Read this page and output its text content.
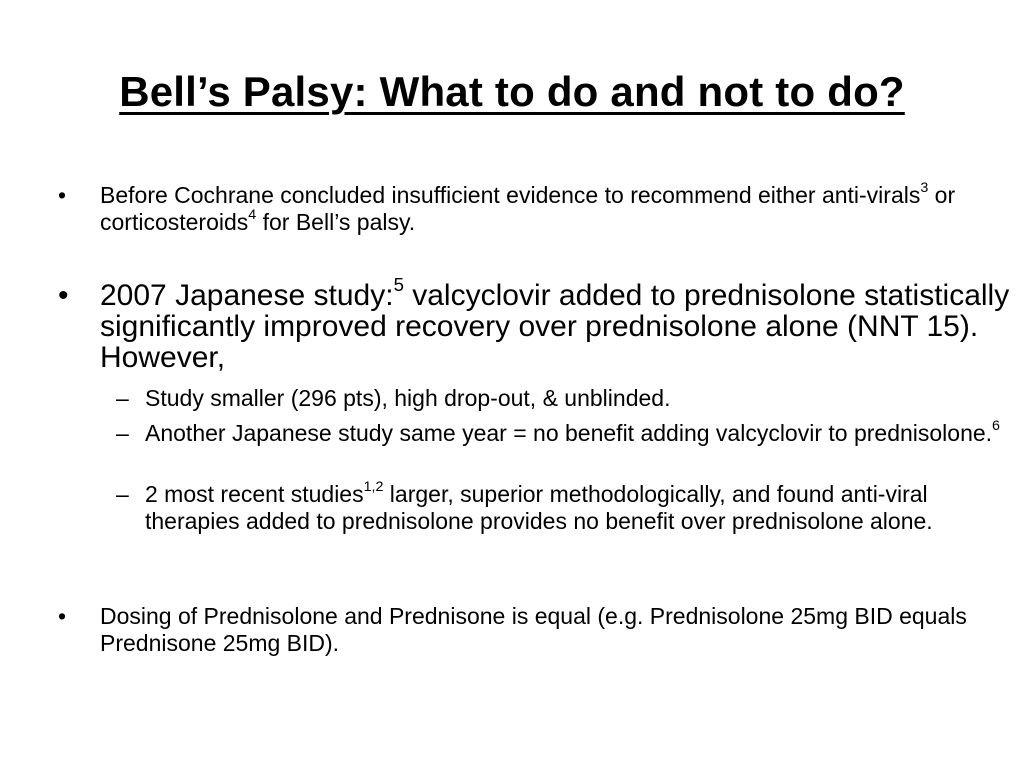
Bell’s Palsy: What to do and not to do?
• Before Cochrane concluded insufficient evidence to recommend either anti-virals$^3$ or corticosteroids$^4$ for Bell’s palsy.
• 2007 Japanese study:$^5$ valcyclovir added to prednisolone statistically significantly improved recovery over prednisolone alone (NNT 15). However,
– Study smaller (296 pts), high drop-out, & unblinded.
– Another Japanese study same year = no benefit adding valcyclovir to prednisolone.$^6$
– 2 most recent studies$^{1,2}$ larger, superior methodologically, and found anti-viral therapies added to prednisolone provides no benefit over prednisolone alone.
• Dosing of Prednisolone and Prednisone is equal (e.g. Prednisolone 25mg BID equals Prednisone 25mg BID).
